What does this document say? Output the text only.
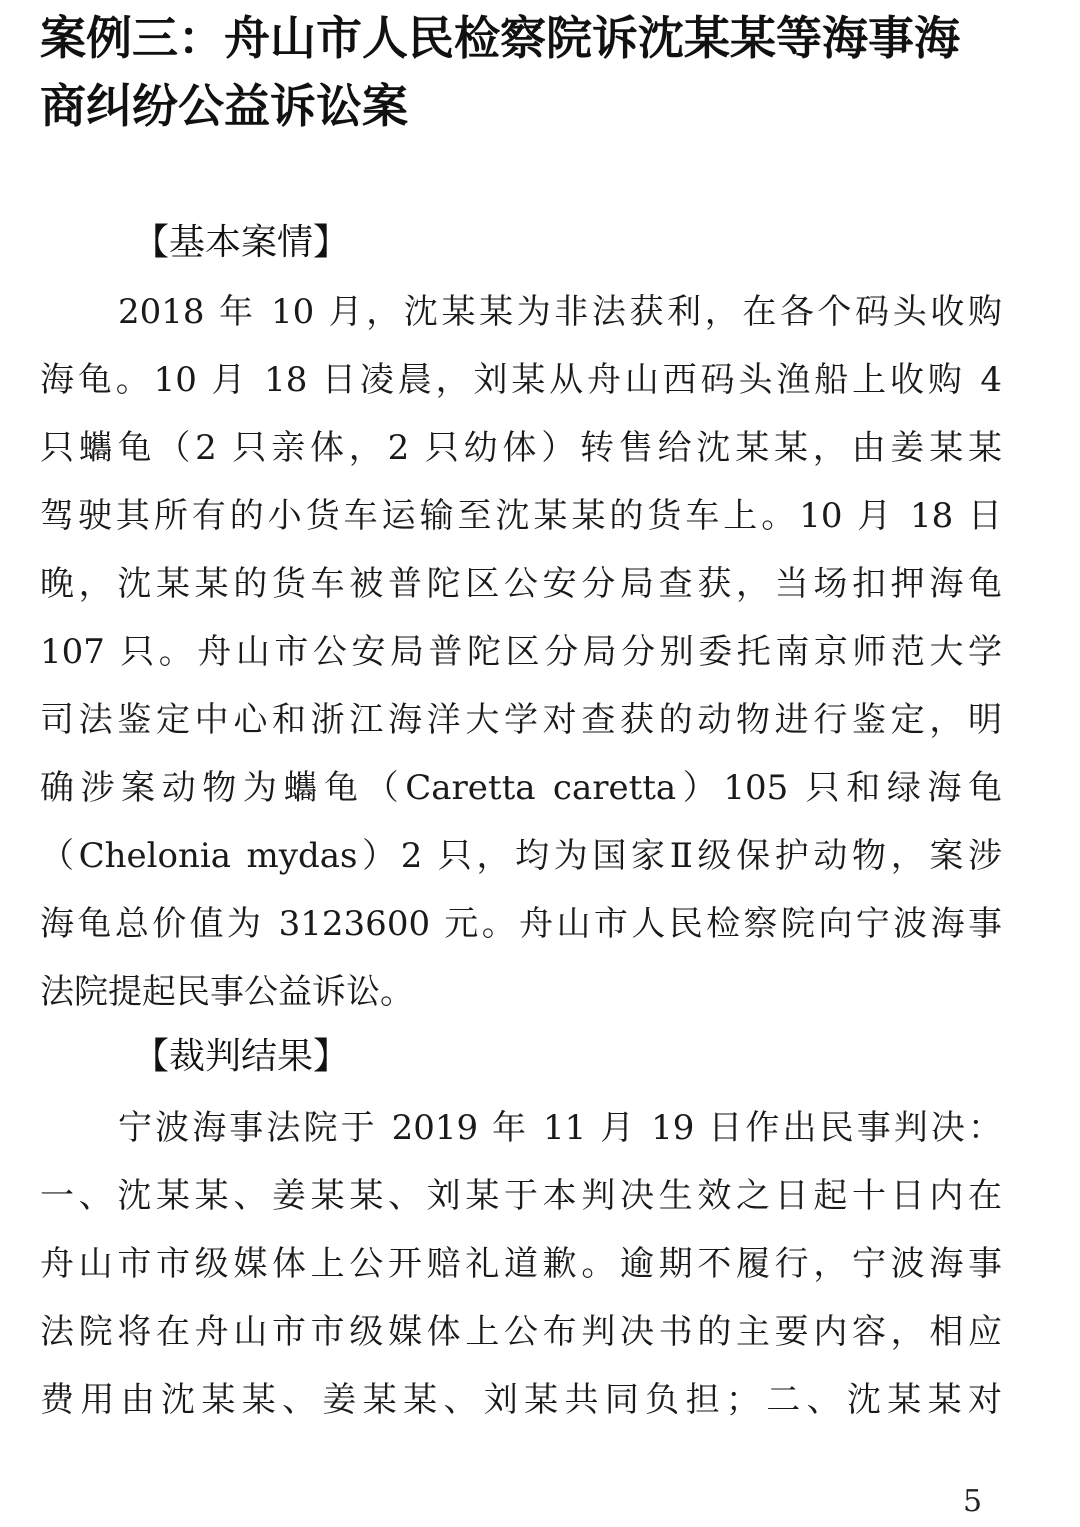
案例三：舟山市人民检察院诉沈某某等海事海
商纠纷公益诉讼案
【基本案情】
2018 年 10 月，沈某某为非法获利，在各个码头收购
海龟。10 月 18 日凌晨，刘某从舟山西码头渔船上收购 4
只蠵龟（2 只亲体，2 只幼体）转售给沈某某，由姜某某
驾驶其所有的小货车运输至沈某某的货车上。10 月 18 日
晚，沈某某的货车被普陀区公安分局查获，当场扣押海龟
107 只。舟山市公安局普陀区分局分别委托南京师范大学
司法鉴定中心和浙江海洋大学对查获的动物进行鉴定，明
确涉案动物为蠵龟（Caretta caretta）105 只和绿海龟
（Chelonia mydas）2 只，均为国家Ⅱ级保护动物，案涉
海龟总价值为 3123600 元。舟山市人民检察院向宁波海事
法院提起民事公益诉讼。
【裁判结果】
宁波海事法院于 2019 年 11 月 19 日作出民事判决：
一、沈某某、姜某某、刘某于本判决生效之日起十日内在
舟山市市级媒体上公开赔礼道歉。逾期不履行，宁波海事
法院将在舟山市市级媒体上公布判决书的主要内容，相应
费用由沈某某、姜某某、刘某共同负担；二、沈某某对
5
